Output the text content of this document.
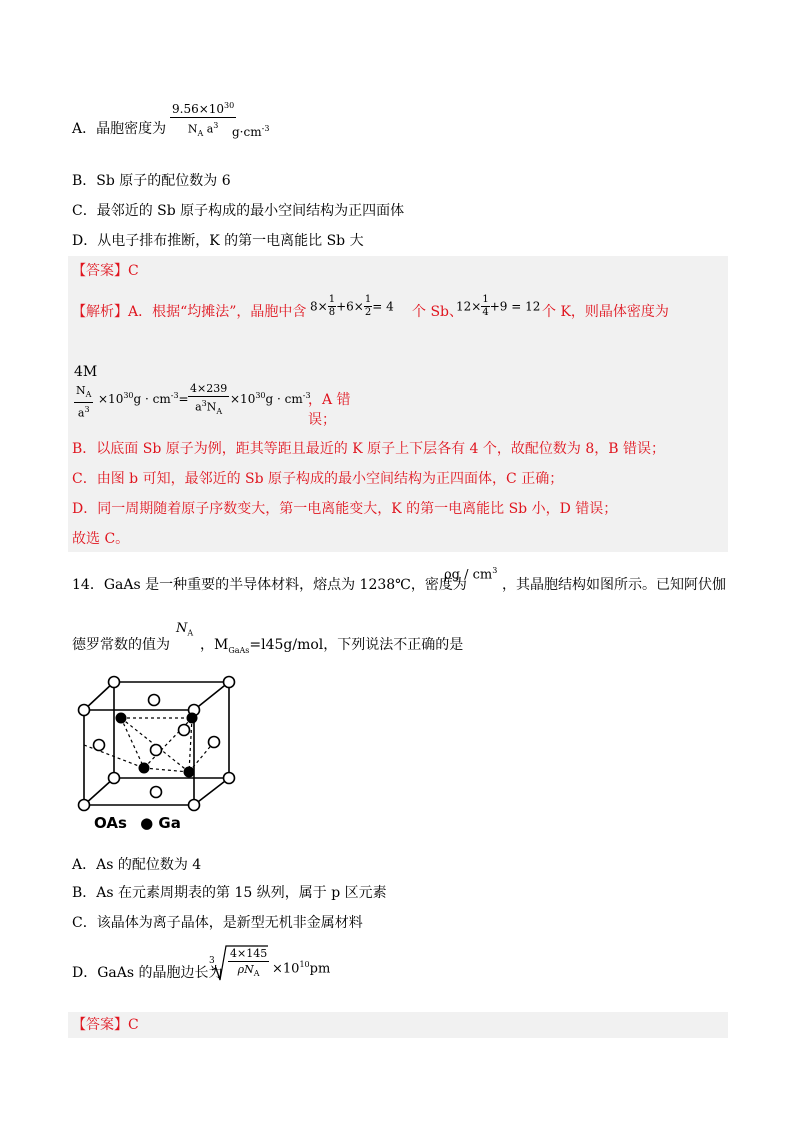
A．晶胞密度为
$9.56\times 10^{30}$
$N_A$ $a^3$	$g\cdot cm^{-3}$
B．Sb 原子的配位数为 6
C．最邻近的 Sb 原子构成的最小空间结构为正四面体
D．从电子排布推断，K 的第一电离能比 Sb 大
【答案】C
【解析】 A．根据“均摊法”，晶胞中含 $8\times \frac{1}{8} +6\times \frac{1}{2} = 4$ 个 Sb、
$12\times \frac{1}{4} +9 = 12$ 个 K，则晶体密度为
4M
$N_A$
$a^3$
$\times 10^{30}g \cdot cm^{-3}=$
4×239
$a^3N_A$
$\times 10^{30}g \cdot cm^{-3}$
，A 错误；
B．以底面 Sb 原子为例，距其等距且最近的 K 原子上下层各有 4 个，故配位数为 8，B 错误；
C．由图 b 可知，最邻近的 Sb 原子构成的最小空间结构为正四面体，C 正确；
D．同一周期随着原子序数变大，第一电离能变大，K 的第一电离能比 Sb 小，D 错误；
故选 C。
14．GaAs 是一种重要的半导体材料，熔点为 1238℃，密度为
ρg / $cm^3$
，其晶胞结构如图所示。已知阿伏伽
德罗常数的值为
$N_A$
，$M_{GaAs}=l45g$/mol，下列说法不正确的是
OAs ● Ga
A．As 的配位数为 4
B．As 在元素周期表的第 15 纵列，属于 p 区元素
C．该晶体为离子晶体，是新型无机非金属材料
D．GaAs 的晶胞边长为
3
4×145
$\rho N_A \times 10^{10}pm$
【答案】C
